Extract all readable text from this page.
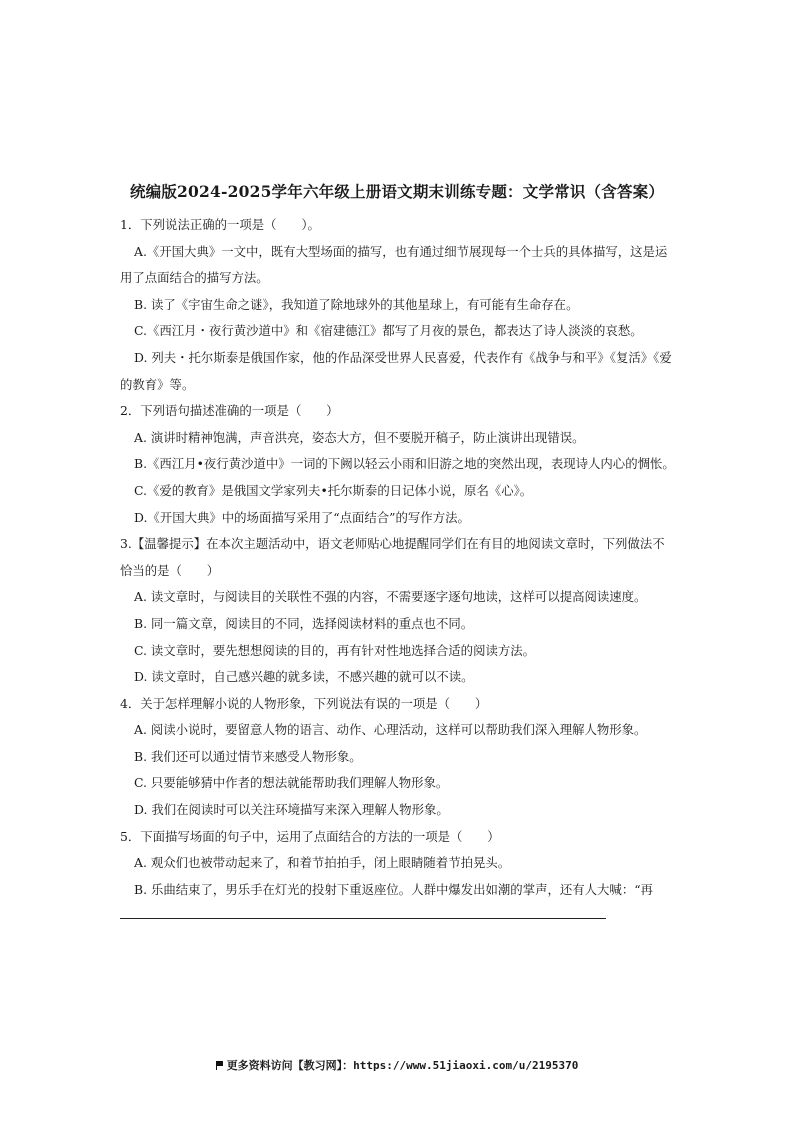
统编版2024-2025学年六年级上册语文期末训练专题：文学常识（含答案）
1．下列说法正确的一项是（　　）。
A.《开国大典》一文中，既有大型场面的描写，也有通过细节展现每一个士兵的具体描写，这是运
用了点面结合的描写方法。
B. 读了《宇宙生命之谜》，我知道了除地球外的其他星球上，有可能有生命存在。
C.《西江月・夜行黄沙道中》和《宿建德江》都写了月夜的景色，都表达了诗人淡淡的哀愁。
D. 列夫・托尔斯泰是俄国作家，他的作品深受世界人民喜爱，代表作有《战争与和平》《复活》《爱
的教育》等。
2．下列语句描述准确的一项是（　　）
A. 演讲时精神饱满，声音洪亮，姿态大方，但不要脱开稿子，防止演讲出现错误。
B.《西江月•夜行黄沙道中》一词的下阙以轻云小雨和旧游之地的突然出现，表现诗人内心的惆怅。
C.《爱的教育》是俄国文学家列夫•托尔斯泰的日记体小说，原名《心》。
D.《开国大典》中的场面描写采用了“点面结合”的写作方法。
3.【温馨提示】在本次主题活动中，语文老师贴心地提醒同学们在有目的地阅读文章时，下列做法不
恰当的是（　　）
A. 读文章时，与阅读目的关联性不强的内容，不需要逐字逐句地读，这样可以提高阅读速度。
B. 同一篇文章，阅读目的不同，选择阅读材料的重点也不同。
C. 读文章时，要先想想阅读的目的，再有针对性地选择合适的阅读方法。
D. 读文章时，自己感兴趣的就多读，不感兴趣的就可以不读。
4．关于怎样理解小说的人物形象，下列说法有误的一项是（　　）
A. 阅读小说时，要留意人物的语言、动作、心理活动，这样可以帮助我们深入理解人物形象。
B. 我们还可以通过情节来感受人物形象。
C. 只要能够猜中作者的想法就能帮助我们理解人物形象。
D. 我们在阅读时可以关注环境描写来深入理解人物形象。
5．下面描写场面的句子中，运用了点面结合的方法的一项是（　　）
A. 观众们也被带动起来了，和着节拍拍手，闭上眼睛随着节拍晃头。
B. 乐曲结束了，男乐手在灯光的投射下重返座位。人群中爆发出如潮的掌声，还有人大喊：“再
更多资料访问【教习网】：https://www.51jiaoxi.com/u/2195370
